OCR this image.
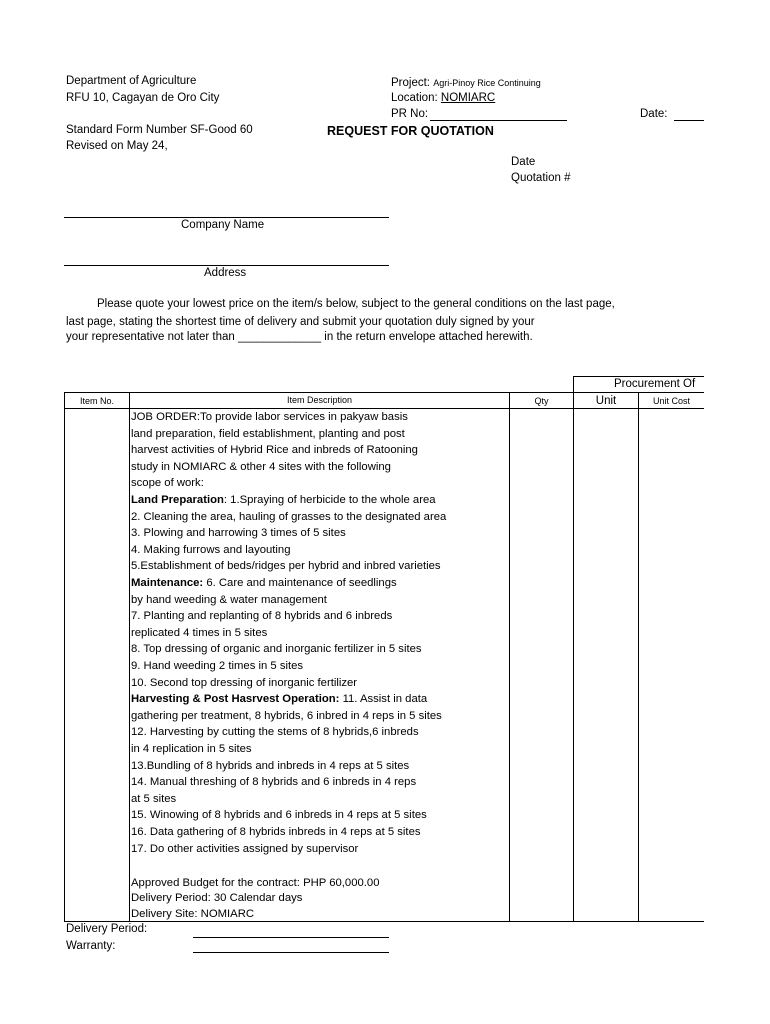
Department of Agriculture
RFU 10, Cagayan de Oro City
Standard Form Number SF-Good 60
Revised on May 24,
Project: Agri-Pinoy Rice Continuing
Location: NOMIARC
PR No:	Date:
REQUEST FOR QUOTATION
Date
Quotation #
Company Name
Address
Please quote your lowest price on the item/s below, subject to the general conditions on the last page,
last page, stating the shortest time of delivery and submit your quotation duly signed by your
your representative not later than _____________ in the return envelope attached herewith.
Procurement Of
Item No.	Item Description	Qty	Unit	Unit Cost
JOB ORDER:To provide labor services in pakyaw basis
land preparation, field establishment, planting and post
harvest activities of Hybrid Rice and inbreds of Ratooning
study in NOMIARC & other 4 sites with the following
scope of work:
Land Preparation: 1.Spraying of herbicide to the whole area
2. Cleaning the area, hauling of grasses to the designated area
3. Plowing and harrowing 3 times of 5 sites
4. Making furrows and layouting
5.Establishment of beds/ridges per hybrid and inbred varieties
Maintenance: 6. Care and maintenance of seedlings
by hand weeding & water management
7. Planting and replanting of 8 hybrids and 6 inbreds
replicated 4 times in 5 sites
8. Top dressing of organic and inorganic fertilizer in 5 sites
9. Hand weeding 2 times in 5 sites
10. Second top dressing of inorganic fertilizer
Harvesting & Post Hasrvest Operation: 11. Assist in data
gathering per treatment, 8 hybrids, 6 inbred in 4 reps in 5 sites
12. Harvesting by cutting the stems of 8 hybrids,6 inbreds
in 4 replication in 5 sites
13.Bundling of 8 hybrids and inbreds in 4 reps at 5 sites
14. Manual threshing of 8 hybrids and 6 inbreds in 4 reps
at 5 sites
15. Winowing of 8 hybrids and 6 inbreds in 4 reps at 5 sites
16. Data gathering of 8 hybrids inbreds in 4 reps at 5 sites
17. Do other activities assigned by supervisor
Approved Budget for the contract: PHP 60,000.00
Delivery Period: 30 Calendar days
Delivery Site: NOMIARC
Delivery Period:
Warranty:
